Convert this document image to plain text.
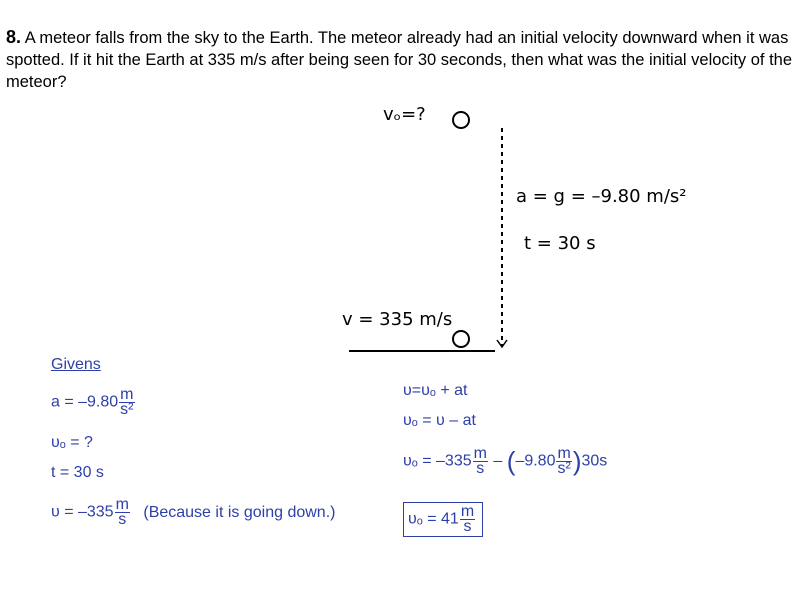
8. A meteor falls from the sky to the Earth. The meteor already had an initial velocity downward when it was spotted. If it hit the Earth at 335 m/s after being seen for 30 seconds, then what was the initial velocity of the meteor?
vₒ=?
a = g = –9.80 m/s²
t = 30 s
v = 335 m/s
Givens
$a = -9.80 \frac{m}{\text{s²}}$
υₒ = ?
t = 30 s
$\upsilon = -335 \frac{m}{s}$ (Because it is going down.)
υ=υₒ + at
υₒ = υ – at
$\upsilon_o = -335 \frac{m}{s} - (-9.80 \frac{m}{\text{s²}} )30s$
$\upsilon_o = 41 \frac{m}{s}$
